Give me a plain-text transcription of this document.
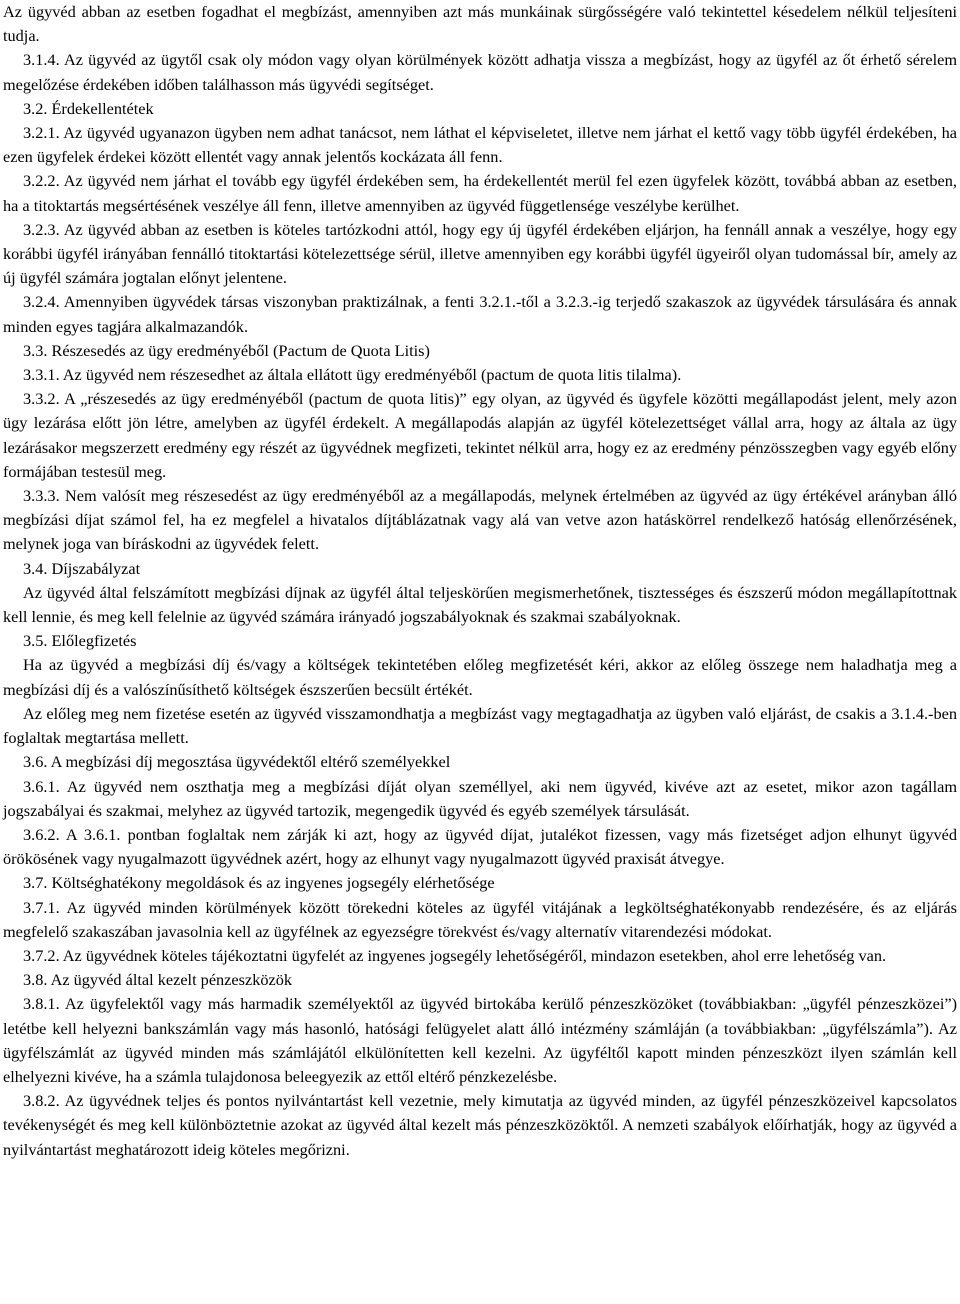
Az ügyvéd abban az esetben fogadhat el megbízást, amennyiben azt más munkáinak sürgősségére való tekintettel késedelem nélkül teljesíteni tudja.

3.1.4. Az ügyvéd az ügytől csak oly módon vagy olyan körülmények között adhatja vissza a megbízást, hogy az ügyfél az őt érhető sérelem megelőzése érdekében időben találhasson más ügyvédi segítséget.

3.2. Érdekellentétek

3.2.1. Az ügyvéd ugyanazon ügyben nem adhat tanácsot, nem láthat el képviseletet, illetve nem járhat el kettő vagy több ügyfél érdekében, ha ezen ügyfelek érdekei között ellentét vagy annak jelentős kockázata áll fenn.

3.2.2. Az ügyvéd nem járhat el tovább egy ügyfél érdekében sem, ha érdekellentét merül fel ezen ügyfelek között, továbbá abban az esetben, ha a titoktartás megsértésének veszélye áll fenn, illetve amennyiben az ügyvéd függetlensége veszélybe kerülhet.

3.2.3. Az ügyvéd abban az esetben is köteles tartózkodni attól, hogy egy új ügyfél érdekében eljárjon, ha fennáll annak a veszélye, hogy egy korábbi ügyfél irányában fennálló titoktartási kötelezettsége sérül, illetve amennyiben egy korábbi ügyfél ügyeiről olyan tudomással bír, amely az új ügyfél számára jogtalan előnyt jelentene.

3.2.4. Amennyiben ügyvédek társas viszonyban praktizálnak, a fenti 3.2.1.-től a 3.2.3.-ig terjedő szakaszok az ügyvédek társulására és annak minden egyes tagjára alkalmazandók.

3.3. Részesedés az ügy eredményéből (Pactum de Quota Litis)

3.3.1. Az ügyvéd nem részesedhet az általa ellátott ügy eredményéből (pactum de quota litis tilalma).

3.3.2. A „részesedés az ügy eredményéből (pactum de quota litis)” egy olyan, az ügyvéd és ügyfele közötti megállapodást jelent, mely azon ügy lezárása előtt jön létre, amelyben az ügyfél érdekelt. A megállapodás alapján az ügyfél kötelezettséget vállal arra, hogy az általa az ügy lezárásakor megszerzett eredmény egy részét az ügyvédnek megfizeti, tekintet nélkül arra, hogy ez az eredmény pénzösszegben vagy egyéb előny formájában testesül meg.

3.3.3. Nem valósít meg részesedést az ügy eredményéből az a megállapodás, melynek értelmében az ügyvéd az ügy értékével arányban álló megbízási díjat számol fel, ha ez megfelel a hivatalos díjtáblázatnak vagy alá van vetve azon hatáskörrel rendelkező hatóság ellenőrzésének, melynek joga van bíráskodni az ügyvédek felett.

3.4. Díjszabályzat

Az ügyvéd által felszámított megbízási díjnak az ügyfél által teljeskörűen megismerhetőnek, tisztességes és észszerű módon megállapítottnak kell lennie, és meg kell felelnie az ügyvéd számára irányadó jogszabályoknak és szakmai szabályoknak.

3.5. Előlegfizetés

Ha az ügyvéd a megbízási díj és/vagy a költségek tekintetében előleg megfizetését kéri, akkor az előleg összege nem haladhatja meg a megbízási díj és a valószínűsíthető költségek észszerűen becsült értékét.

Az előleg meg nem fizetése esetén az ügyvéd visszamondhatja a megbízást vagy megtagadhatja az ügyben való eljárást, de csakis a 3.1.4.-ben foglaltak megtartása mellett.

3.6. A megbízási díj megosztása ügyvédektől eltérő személyekkel

3.6.1. Az ügyvéd nem oszthatja meg a megbízási díját olyan személlyel, aki nem ügyvéd, kivéve azt az esetet, mikor azon tagállam jogszabályai és szakmai, melyhez az ügyvéd tartozik, megengedik ügyvéd és egyéb személyek társulását.

3.6.2. A 3.6.1. pontban foglaltak nem zárják ki azt, hogy az ügyvéd díjat, jutalékot fizessen, vagy más fizetséget adjon elhunyt ügyvéd örökösének vagy nyugalmazott ügyvédnek azért, hogy az elhunyt vagy nyugalmazott ügyvéd praxisát átvegye.

3.7. Költséghatékony megoldások és az ingyenes jogsegély elérhetősége

3.7.1. Az ügyvéd minden körülmények között törekedni köteles az ügyfél vitájának a legköltséghatékonyabb rendezésére, és az eljárás megfelelő szakaszában javasolnia kell az ügyfélnek az egyezségre törekvést és/vagy alternatív vitarendezési módokat.

3.7.2. Az ügyvédnek köteles tájékoztatni ügyfelét az ingyenes jogsegély lehetőségéről, mindazon esetekben, ahol erre lehetőség van.

3.8. Az ügyvéd által kezelt pénzeszközök

3.8.1. Az ügyfelektől vagy más harmadik személyektől az ügyvéd birtokába kerülő pénzeszközöket (továbbiakban: „ügyfél pénzeszközei”) letétbe kell helyezni bankszámlán vagy más hasonló, hatósági felügyelet alatt álló intézmény számláján (a továbbiakban: „ügyfélszámla”). Az ügyfélszámlát az ügyvéd minden más számlájától elkülönítetten kell kezelni. Az ügyféltől kapott minden pénzeszközt ilyen számlán kell elhelyezni kivéve, ha a számla tulajdonosa beleegyezik az ettől eltérő pénzkezelésbe.

3.8.2. Az ügyvédnek teljes és pontos nyilvántartást kell vezetnie, mely kimutatja az ügyvéd minden, az ügyfél pénzeszközeivel kapcsolatos tevékenységét és meg kell különböztetnie azokat az ügyvéd által kezelt más pénzeszközöktől. A nemzeti szabályok előírhatják, hogy az ügyvéd a nyilvántartást meghatározott ideig köteles megőrizni.
